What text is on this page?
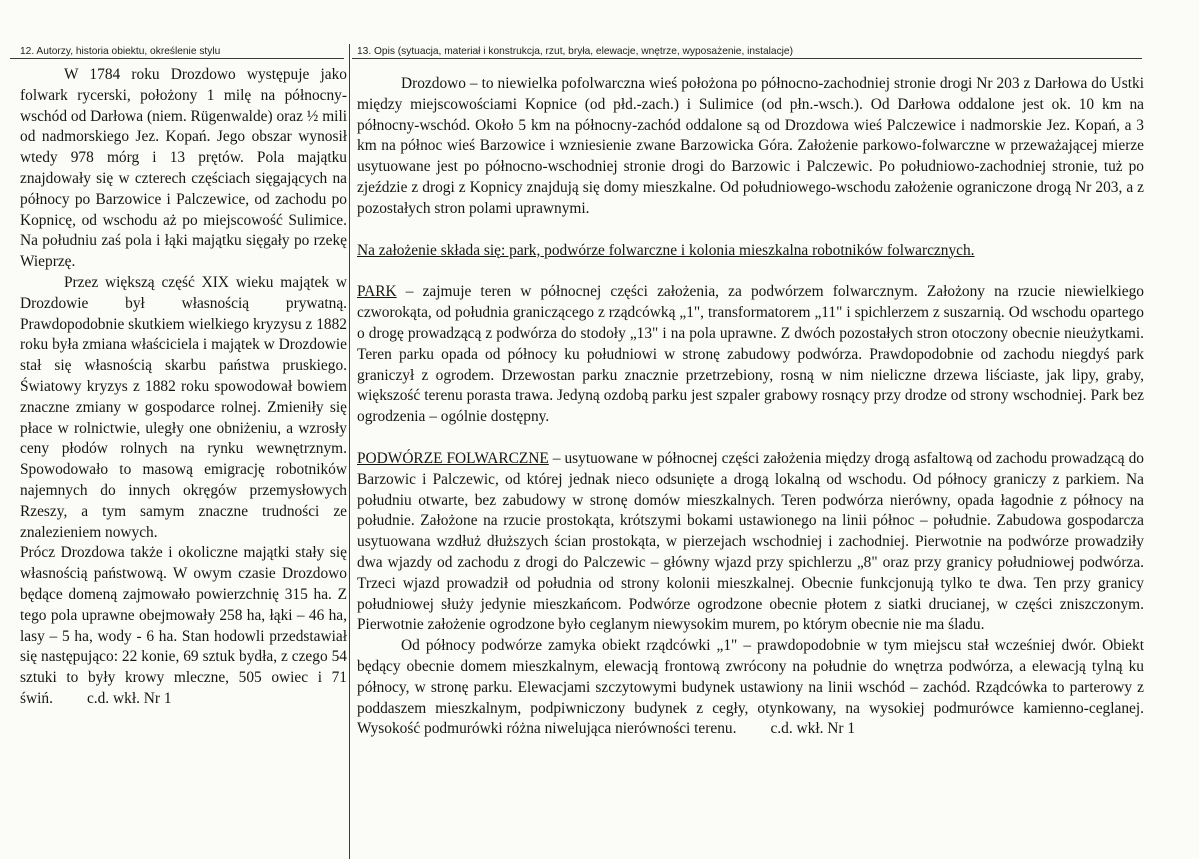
12. Autorzy, historia obiektu, określenie stylu	13. Opis (sytuacja, materiał i konstrukcja, rzut, bryła, elewacje, wnętrze, wyposażenie, instalacje)

W 1784 roku Drozdowo występuje jako folwark rycerski, położony 1 milę na północny-wschód od Darłowa (niem. Rügenwalde) oraz ½ mili od nadmorskiego Jez. Kopań. Jego obszar wynosił wtedy 978 mórg i 13 prętów. Pola majątku znajdowały się w czterech częściach sięgających na północy po Barzowice i Palczewice, od zachodu po Kopnicę, od wschodu aż po miejscowość Sulimice. Na południu zaś pola i łąki majątku sięgały po rzekę Wieprzę.

Przez większą część XIX wieku majątek w Drozdowie był własnością prywatną. Prawdopodobnie skutkiem wielkiego kryzysu z 1882 roku była zmiana właściciela i majątek w Drozdowie stał się własnością skarbu państwa pruskiego. Światowy kryzys z 1882 roku spowodował bowiem znaczne zmiany w gospodarce rolnej. Zmieniły się płace w rolnictwie, uległy one obniżeniu, a wzrosły ceny płodów rolnych na rynku wewnętrznym. Spowodowało to masową emigrację robotników najemnych do innych okręgów przemysłowych Rzeszy, a tym samym znaczne trudności ze znalezieniem nowych.

Prócz Drozdowa także i okoliczne majątki stały się własnością państwową. W owym czasie Drozdowo będące domeną zajmowało powierzchnię 315 ha. Z tego pola uprawne obejmowały 258 ha, łąki – 46 ha, lasy – 5 ha, wody - 6 ha. Stan hodowli przedstawiał się następująco: 22 konie, 69 sztuk bydła, z czego 54 sztuki to były krowy mleczne, 505 owiec i 71 świń. c.d. wkł. Nr 1

Drozdowo – to niewielka pofolwarczna wieś położona po północno-zachodniej stronie drogi Nr 203 z Darłowa do Ustki między miejscowościami Kopnice (od płd.-zach.) i Sulimice (od płn.-wsch.). Od Darłowa oddalone jest ok. 10 km na północny-wschód. Około 5 km na północny-zachód oddalone są od Drozdowa wieś Palczewice i nadmorskie Jez. Kopań, a 3 km na północ wieś Barzowice i wzniesienie zwane Barzowicka Góra. Założenie parkowo-folwarczne w przeważającej mierze usytuowane jest po północno-wschodniej stronie drogi do Barzowic i Palczewic. Po południowo-zachodniej stronie, tuż po zjeździe z drogi z Kopnicy znajdują się domy mieszkalne. Od południowego-wschodu założenie ograniczone drogą Nr 203, a z pozostałych stron polami uprawnymi.

Na założenie składa się: park, podwórze folwarczne i kolonia mieszkalna robotników folwarcznych.

PARK – zajmuje teren w północnej części założenia, za podwórzem folwarcznym. Założony na rzucie niewielkiego czworokąta, od południa graniczącego z rządcówką „1", transformatorem „11" i spichlerzem z suszarnią. Od wschodu opartego o drogę prowadzącą z podwórza do stodoły „13" i na pola uprawne. Z dwóch pozostałych stron otoczony obecnie nieużytkami. Teren parku opada od północy ku południowi w stronę zabudowy podwórza. Prawdopodobnie od zachodu niegdyś park graniczył z ogrodem. Drzewostan parku znacznie przetrzebiony, rosną w nim nieliczne drzewa liściaste, jak lipy, graby, większość terenu porasta trawa. Jedyną ozdobą parku jest szpaler grabowy rosnący przy drodze od strony wschodniej. Park bez ogrodzenia – ogólnie dostępny.

PODWÓRZE FOLWARCZNE – usytuowane w północnej części założenia między drogą asfaltową od zachodu prowadzącą do Barzowic i Palczewic, od której jednak nieco odsunięte a drogą lokalną od wschodu. Od północy graniczy z parkiem. Na południu otwarte, bez zabudowy w stronę domów mieszkalnych. Teren podwórza nierówny, opada łagodnie z północy na południe. Założone na rzucie prostokąta, krótszymi bokami ustawionego na linii północ – południe. Zabudowa gospodarcza usytuowana wzdłuż dłuższych ścian prostokąta, w pierzejach wschodniej i zachodniej. Pierwotnie na podwórze prowadziły dwa wjazdy od zachodu z drogi do Palczewic – główny wjazd przy spichlerzu „8" oraz przy granicy południowej podwórza. Trzeci wjazd prowadził od południa od strony kolonii mieszkalnej. Obecnie funkcjonują tylko te dwa. Ten przy granicy południowej służy jedynie mieszkańcom. Podwórze ogrodzone obecnie płotem z siatki drucianej, w części zniszczonym. Pierwotnie założenie ogrodzone było ceglanym niewysokim murem, po którym obecnie nie ma śladu.

Od północy podwórze zamyka obiekt rządcówki „1" – prawdopodobnie w tym miejscu stał wcześniej dwór. Obiekt będący obecnie domem mieszkalnym, elewacją frontową zwrócony na południe do wnętrza podwórza, a elewacją tylną ku północy, w stronę parku. Elewacjami szczytowymi budynek ustawiony na linii wschód – zachód. Rządcówka to parterowy z poddaszem mieszkalnym, podpiwniczony budynek z cegły, otynkowany, na wysokiej podmurówce kamienno-ceglanej. Wysokość podmurówki różna niwelująca nierówności terenu. c.d. wkł. Nr 1
